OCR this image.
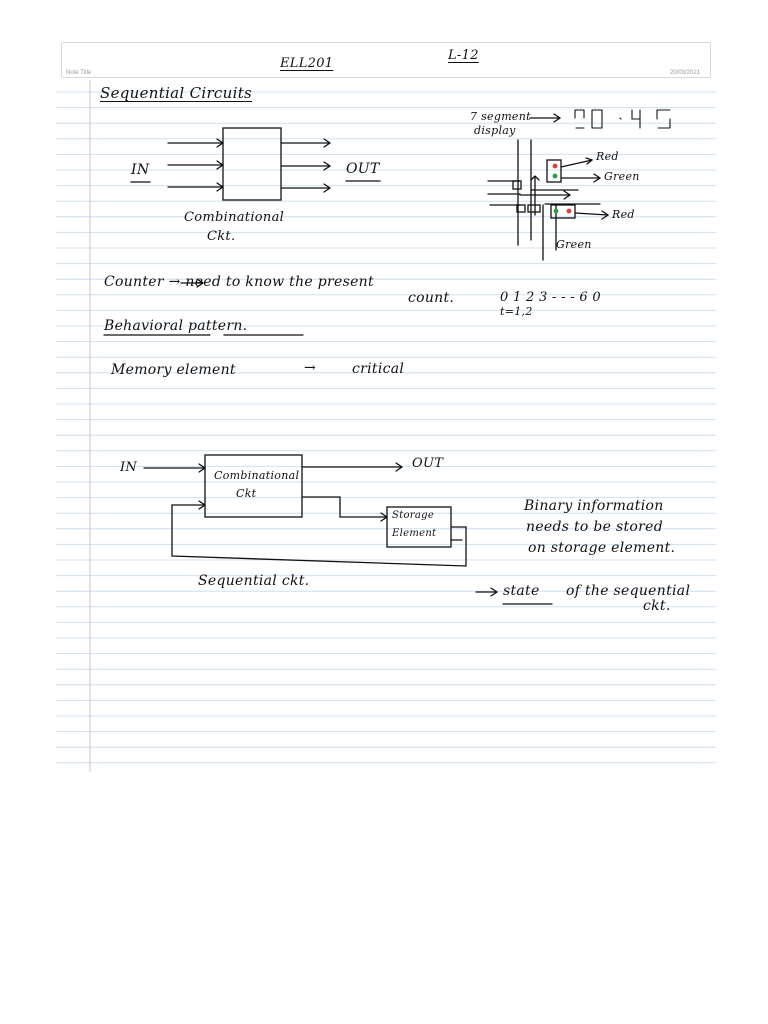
Note Title	20/03/2021
ELL201
L-12
Sequential Circuits
IN	OUT
Combinational
Ckt.
7 segment
display
Red
Green
Red
Green
Counter → need to know the present
count.	0 1 2 3 - - - 6 0
t=1,2
Behavioral pattern.
Memory element	→	critical
IN	OUT
Combinational
Ckt
Storage
Element
Sequential ckt.
Binary information
needs to be stored
on storage element.
state of the sequential
ckt.
